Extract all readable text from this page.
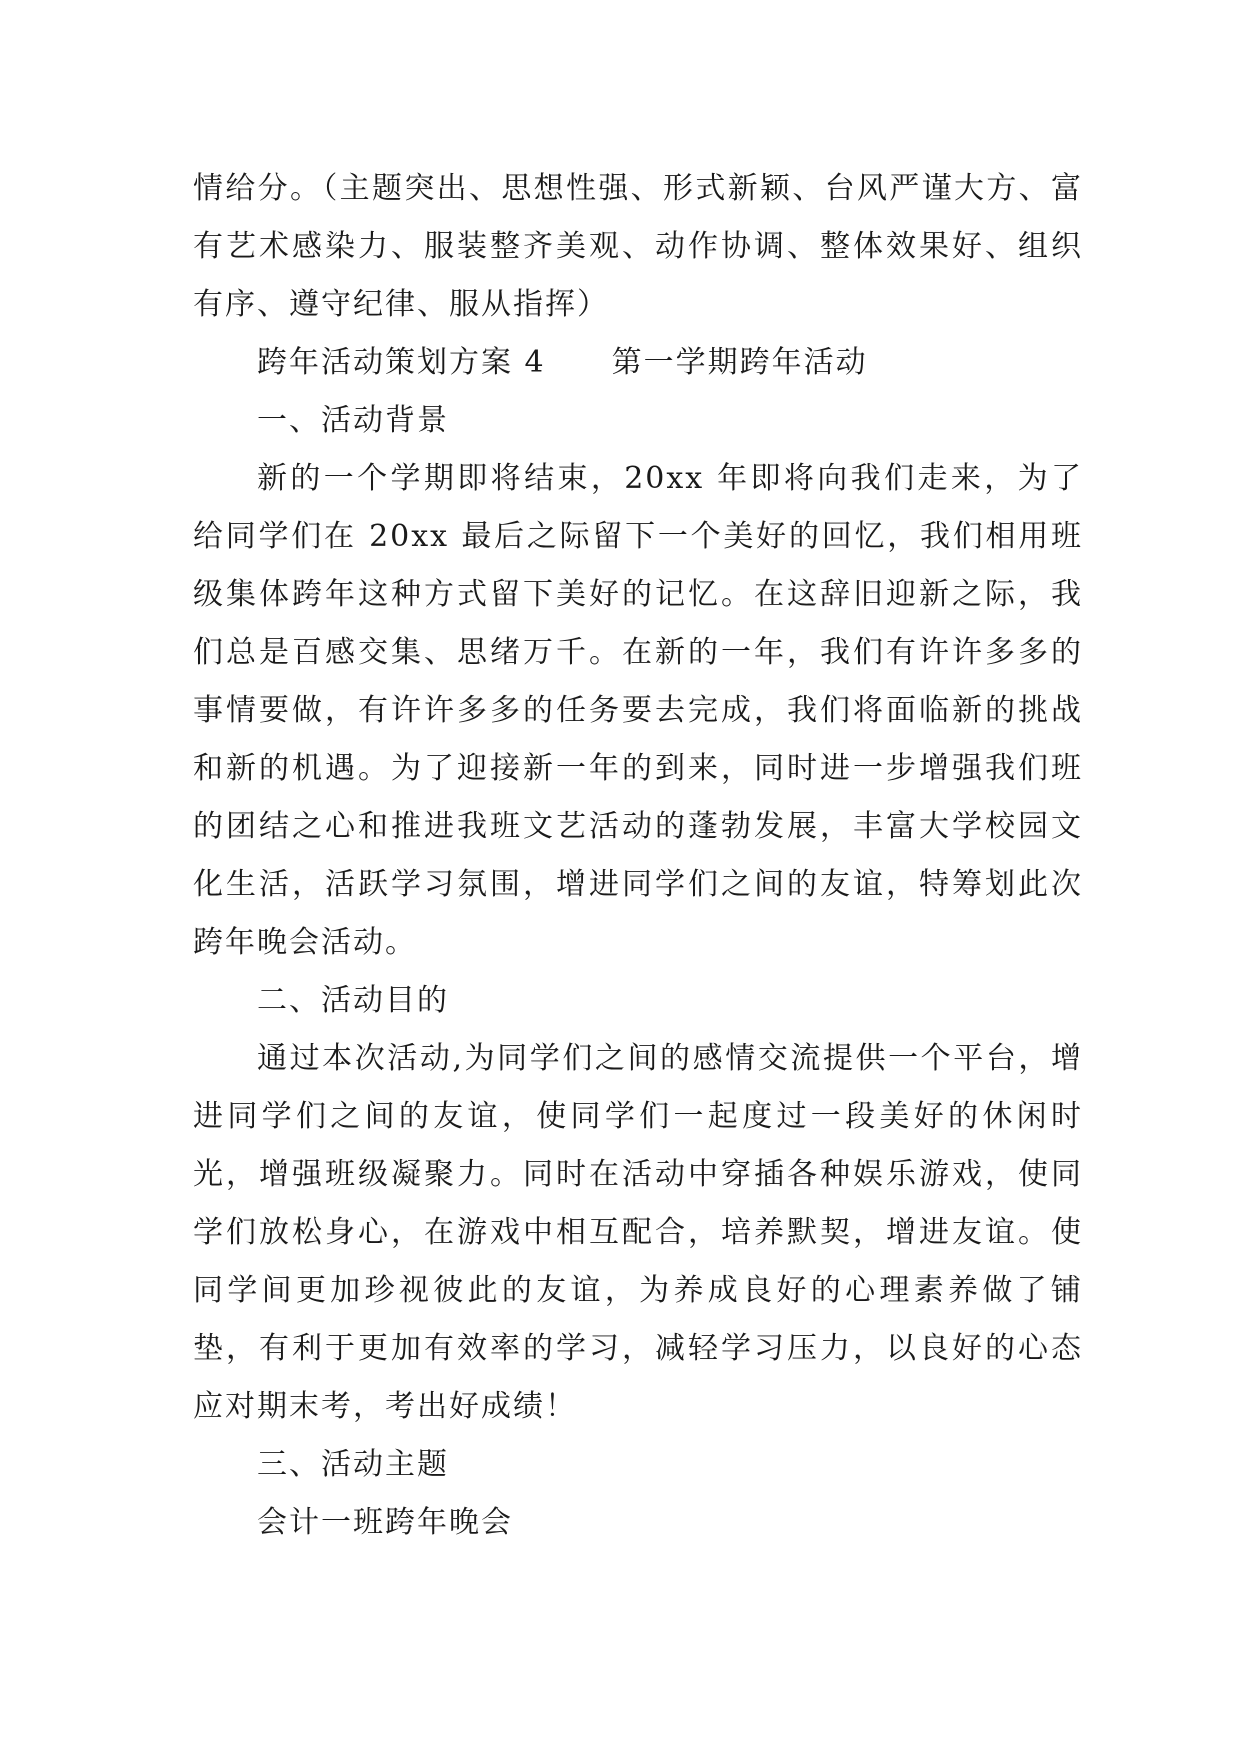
情给分。（主题突出、思想性强、形式新颖、台风严谨大方、富有艺术感染力、服装整齐美观、动作协调、整体效果好、组织有序、遵守纪律、服从指挥）

跨年活动策划方案 4 第一学期跨年活动

一、活动背景

新的一个学期即将结束，20xx 年即将向我们走来，为了给同学们在 20xx 最后之际留下一个美好的回忆，我们相用班级集体跨年这种方式留下美好的记忆。在这辞旧迎新之际，我们总是百感交集、思绪万千。在新的一年，我们有许许多多的事情要做，有许许多多的任务要去完成，我们将面临新的挑战和新的机遇。为了迎接新一年的到来，同时进一步增强我们班的团结之心和推进我班文艺活动的蓬勃发展，丰富大学校园文化生活，活跃学习氛围，增进同学们之间的友谊，特筹划此次跨年晚会活动。

二、活动目的

通过本次活动,为同学们之间的感情交流提供一个平台，增进同学们之间的友谊，使同学们一起度过一段美好的休闲时光，增强班级凝聚力。同时在活动中穿插各种娱乐游戏，使同学们放松身心，在游戏中相互配合，培养默契，增进友谊。使同学间更加珍视彼此的友谊，为养成良好的心理素养做了铺垫，有利于更加有效率的学习，减轻学习压力，以良好的心态应对期末考，考出好成绩！

三、活动主题

会计一班跨年晚会
